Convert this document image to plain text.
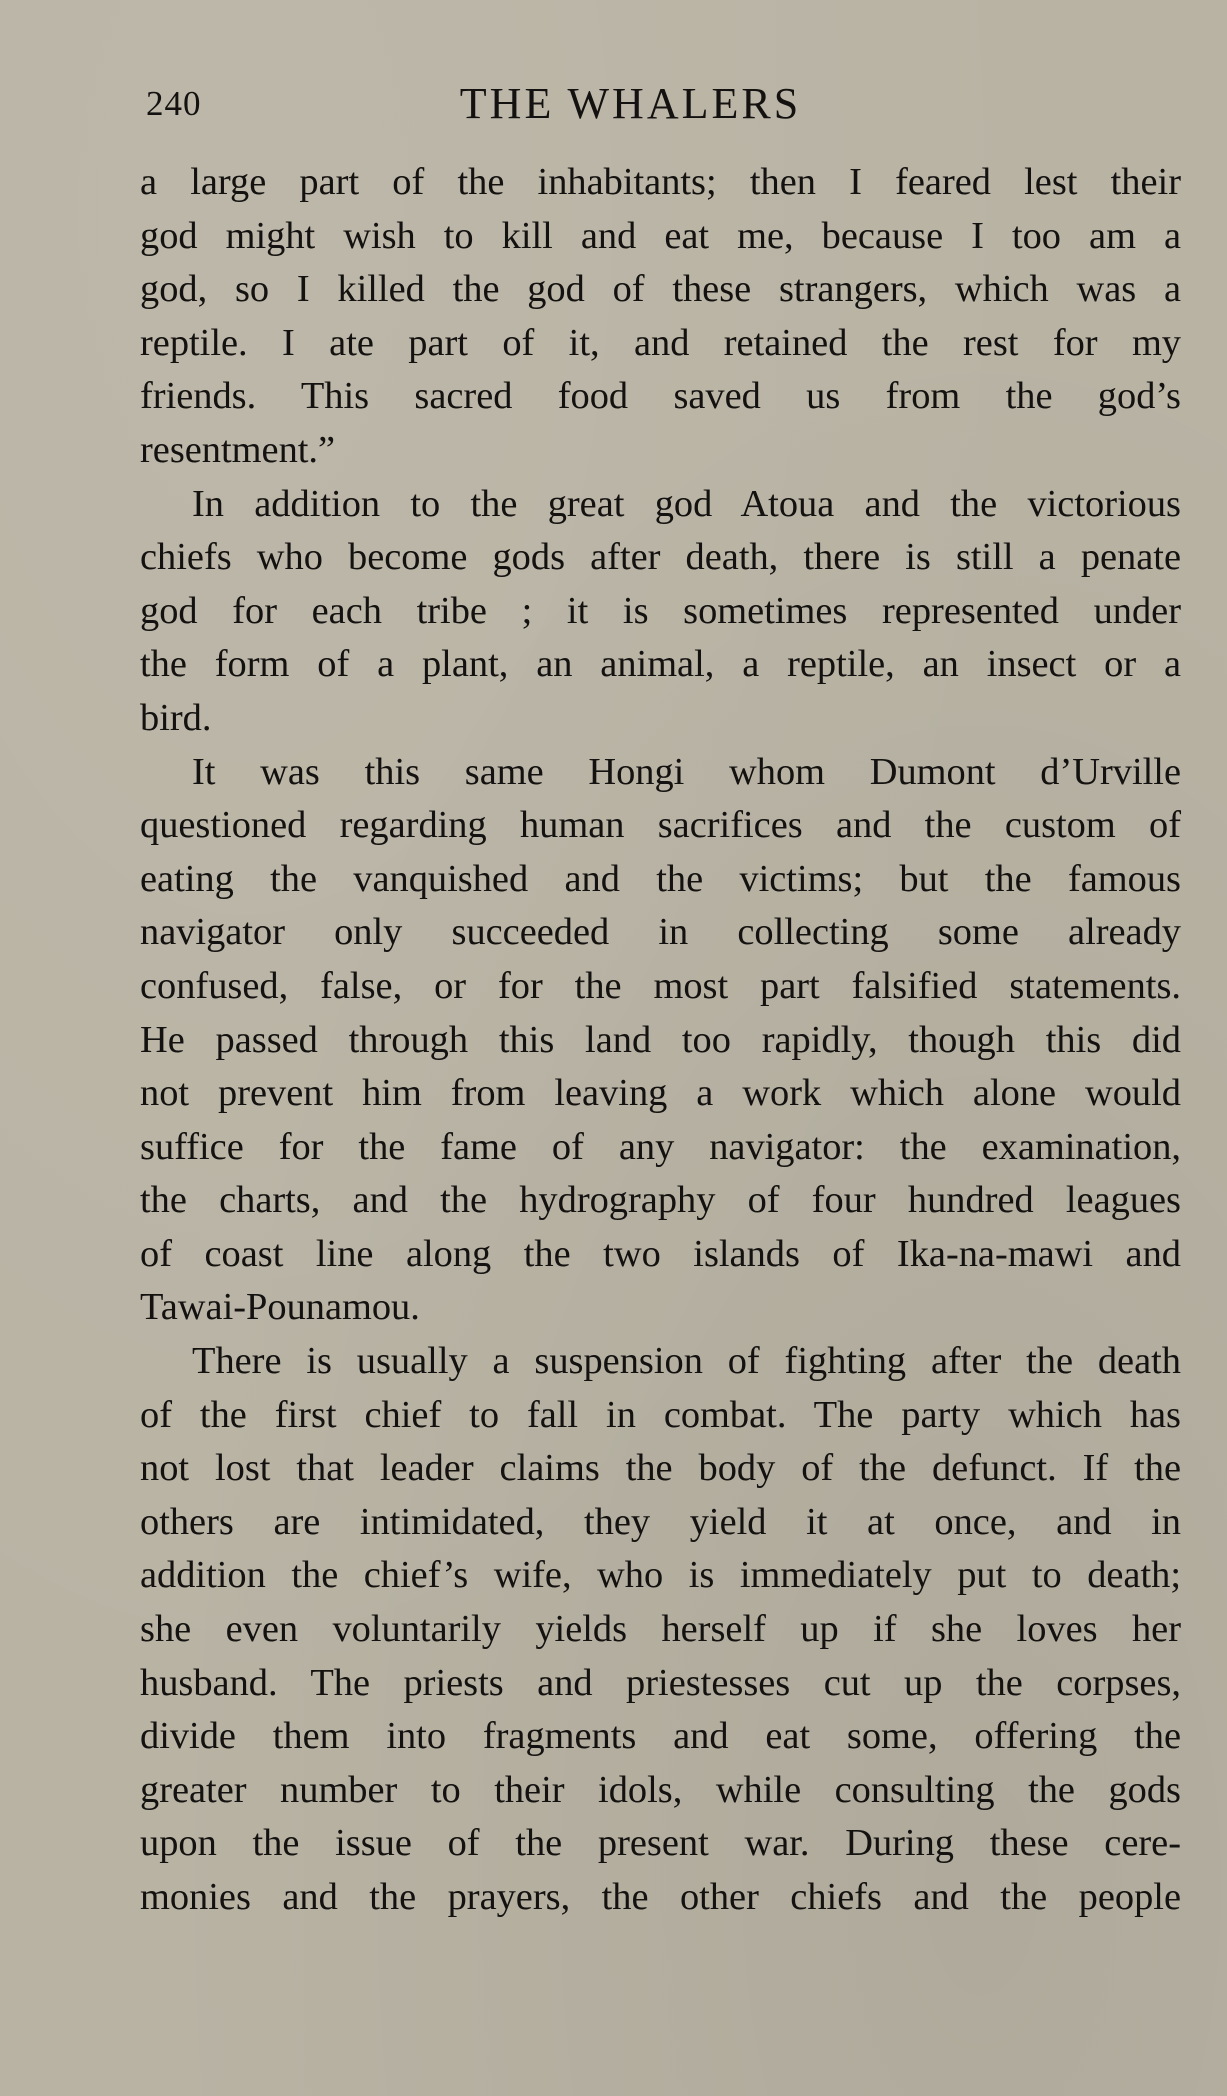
240	THE WHALERS
a large part of the inhabitants; then I feared lest their
god might wish to kill and eat me, because I too am a
god, so I killed the god of these strangers, which was a
reptile. I ate part of it, and retained the rest for my
friends. This sacred food saved us from the god’s
resentment.”
In addition to the great god Atoua and the victorious
chiefs who become gods after death, there is still a penate
god for each tribe ; it is sometimes represented under
the form of a plant, an animal, a reptile, an insect or a
bird.
It was this same Hongi whom Dumont d’Urville
questioned regarding human sacrifices and the custom of
eating the vanquished and the victims; but the famous
navigator only succeeded in collecting some already
confused, false, or for the most part falsified statements.
He passed through this land too rapidly, though this did
not prevent him from leaving a work which alone would
suffice for the fame of any navigator: the examination,
the charts, and the hydrography of four hundred leagues
of coast line along the two islands of Ika-na-mawi and
Tawai-Pounamou.
There is usually a suspension of fighting after the death
of the first chief to fall in combat. The party which has
not lost that leader claims the body of the defunct. If the
others are intimidated, they yield it at once, and in
addition the chief’s wife, who is immediately put to death;
she even voluntarily yields herself up if she loves her
husband. The priests and priestesses cut up the corpses,
divide them into fragments and eat some, offering the
greater number to their idols, while consulting the gods
upon the issue of the present war. During these cere-
monies and the prayers, the other chiefs and the people
